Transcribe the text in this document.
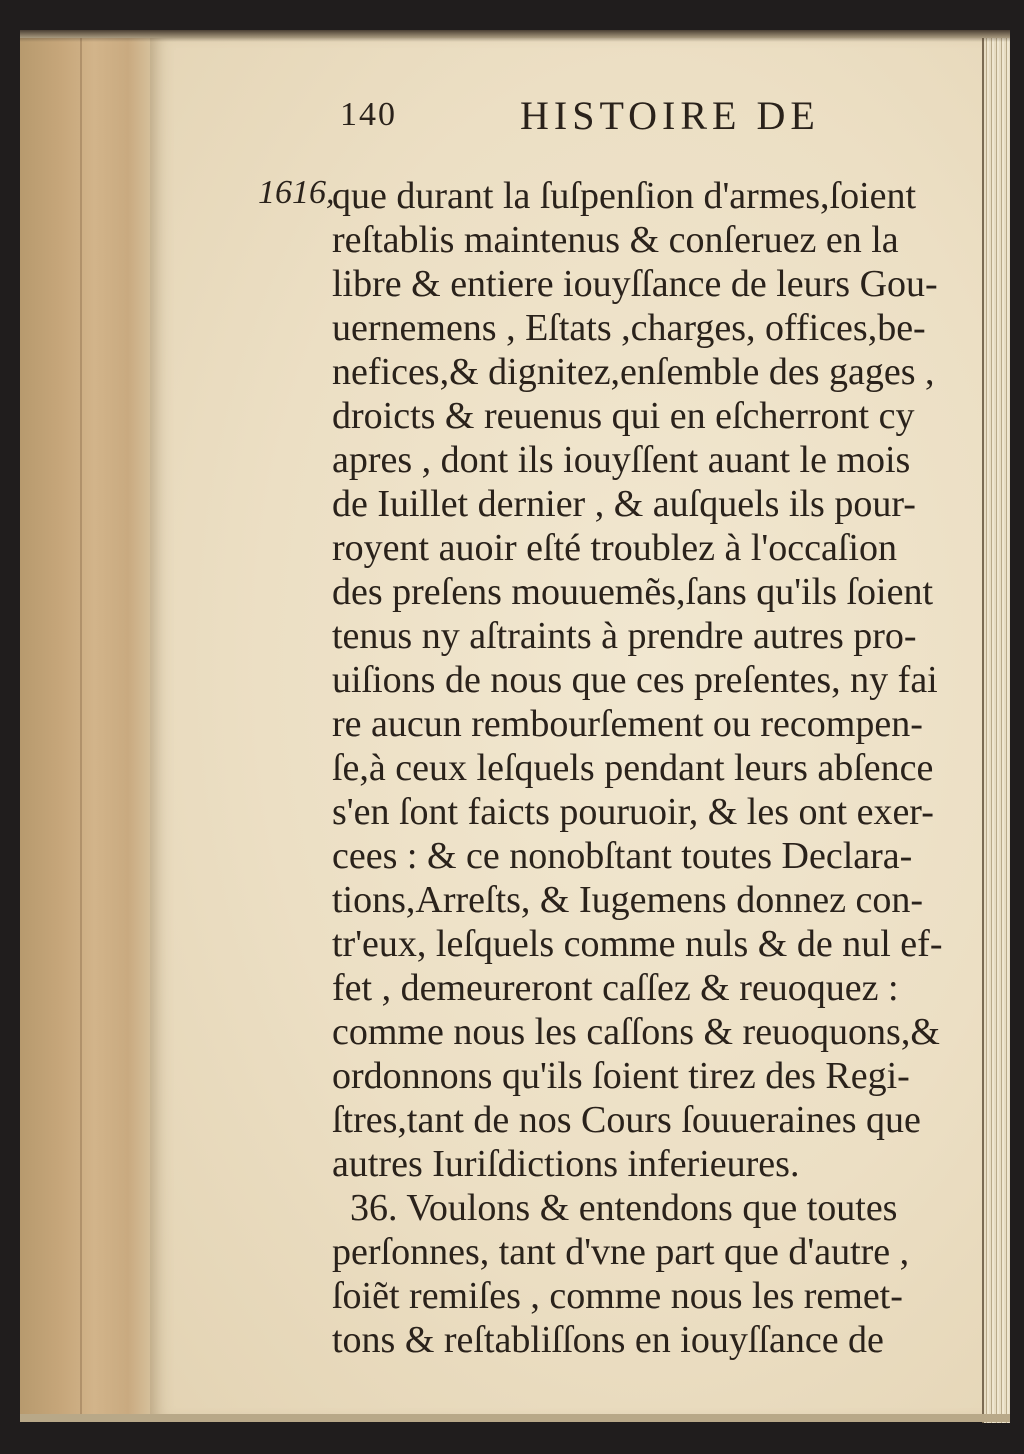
140	HISTOIRE DE
1616,
que durant la ſuſpenſion d'armes,ſoient
reſtablis maintenus & conſeruez en la
libre & entiere iouyſſance de leurs Gou-
uernemens , Eſtats ,charges, offices,be-
nefices,& dignitez,enſemble des gages ,
droicts & reuenus qui en eſcherront cy
apres , dont ils iouyſſent auant le mois
de Iuillet dernier , & auſquels ils pour-
royent auoir eſté troublez à l'occaſion
des preſens mouuemẽs,ſans qu'ils ſoient
tenus ny aſtraints à prendre autres pro-
uiſions de nous que ces preſentes, ny fai
re aucun rembourſement ou recompen-
ſe,à ceux leſquels pendant leurs abſence
s'en ſont faicts pouruoir, & les ont exer-
cees : & ce nonobſtant toutes Declara-
tions,Arreſts, & Iugemens donnez con-
tr'eux, leſquels comme nuls & de nul ef-
fet , demeureront caſſez & reuoquez :
comme nous les caſſons & reuoquons,&
ordonnons qu'ils ſoient tirez des Regi-
ſtres,tant de nos Cours ſouueraines que
autres Iuriſdictions inferieures.
36. Voulons & entendons que toutes
perſonnes, tant d'vne part que d'autre ,
ſoiẽt remiſes , comme nous les remet-
tons & reſtabliſſons en iouyſſance de
